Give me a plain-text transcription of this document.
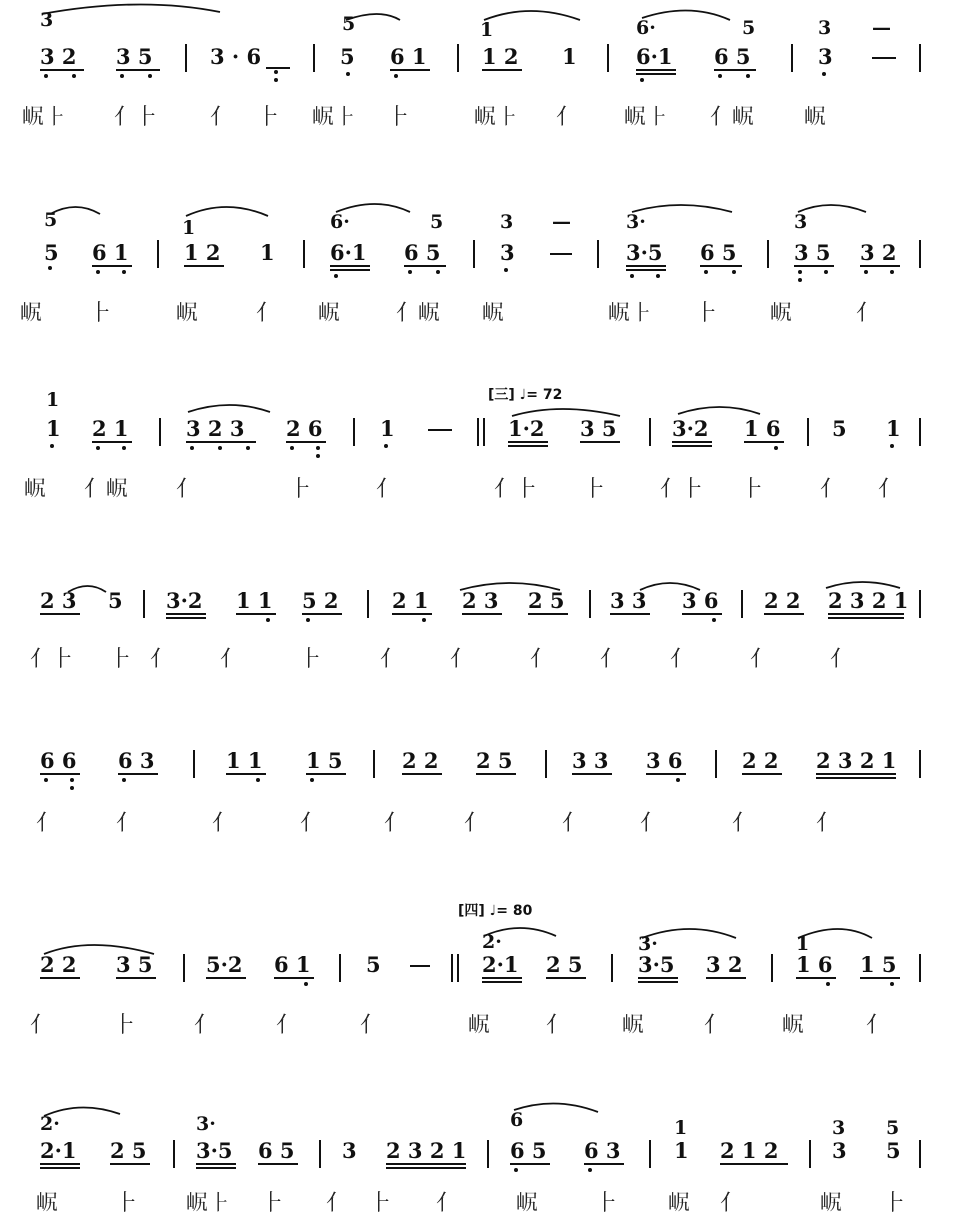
3	5	1	6·	5	3 —
3 2 3 5	3 · 6	5 6 1	1 2 1	6·1 6 5	3
𡶋⺊ ⺅⺊ ⺅ ⺊ 𡶋⺊ ⺊	𡶋⺊ ⺅ 𡶋⺊ ⺅𡶋 𡶋
5	1	6·	5	3 —	3·	3
5 6 1	1 2 1	6·1 6 5	3	3·5 6 5	3 5 3 2
𡶋 ⺊	𡶋	⺅ 𡶋	⺅𡶋 𡶋	𡶋⺊ ⺊ 𡶋	⺅
[三] ♩= 72
1
1 2 1	3 2 3 2 6	1	1·2 3 5	3·2 1 6 5 1
𡶋 ⺅𡶋 ⺅	⺊	⺅	⺅⺊ ⺊ ⺅⺊ ⺊	⺅ ⺅
2 3 5 3·2 1 1 5 2	2 1 2 3 2 5 3 3 3 6 2 2 2 3 2 1
⺅⺊ ⺊ ⺅ ⺅	⺊	⺅ ⺅	⺅ ⺅ ⺅	⺅	⺅
6 6 6 3	1 1 1 5	2 2 2 5	3 3 3 6	2 2 2 3 2 1
⺅	⺅	⺅	⺅	⺅	⺅	⺅	⺅	⺅	⺅
[四] ♩= 80
2·	3·	1
2 2 3 5	5·2 6 1	5	2·1 2 5	3·5 3 2	1 6 1 5
⺅	⺊	⺅	⺅	⺅	𡶋	⺅ 𡶋	⺅	𡶋	⺅
2·	3·	6	1	3 5
2·1 2 5 3·5 6 5 3 2 3 2 1 6 5 6 3	1 2 1 2	3 5
𡶋	⺊ 𡶋⺊ ⺊ ⺅ ⺊ ⺅	𡶋	⺊ 𡶋 ⺅	𡶋 ⺊
